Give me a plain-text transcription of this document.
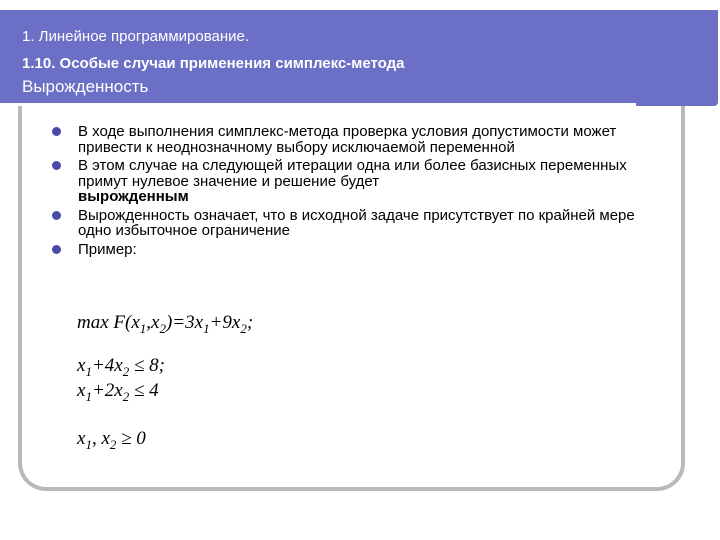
1. Линейное программирование.
1.10. Особые случаи применения симплекс-метода
Вырожденность
В ходе выполнения симплекс-метода проверка условия допустимости может привести к неоднозначному выбору исключаемой переменной
В этом случае на следующей итерации одна или более базисных переменных примут нулевое значение и решение будет
вырожденным
Вырожденность означает, что в исходной задаче присутствует по крайней мере одно избыточное ограничение
Пример:
$\max F(x_1,x_2)=3x_1+9x_2$;
$x_1+4x_2 \le 8$;
$x_1+2x_2 \le 4$
$x_1$, $x_2 \ge 0$
